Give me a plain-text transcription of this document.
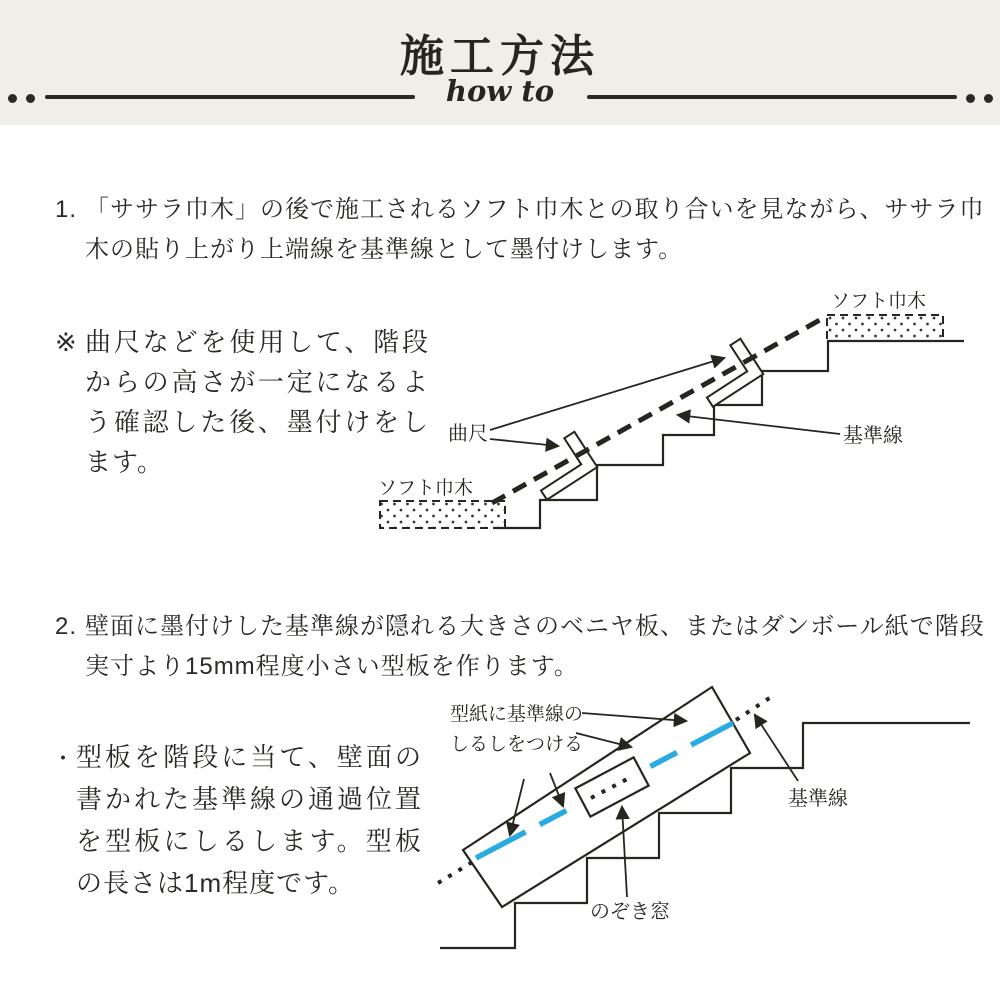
施工方法
how to

1. 「ササラ巾木」の後で施工されるソフト巾木との取り合いを見ながら、ササラ巾木の貼り上がり上端線を基準線として墨付けします。

※ 曲尺などを使用して、階段からの高さが一定になるよう確認した後、墨付けをします。

ソフト巾木
ソフト巾木
曲尺	基準線

2. 壁面に墨付けした基準線が隠れる大きさのベニヤ板、またはダンボール紙で階段実寸より15mm程度小さい型板を作ります。

・ 型板を階段に当て、壁面の書かれた基準線の通過位置を型板にしるします。型板の長さは1m程度です。

型紙に基準線の
しるしをつける
基準線
のぞき窓
